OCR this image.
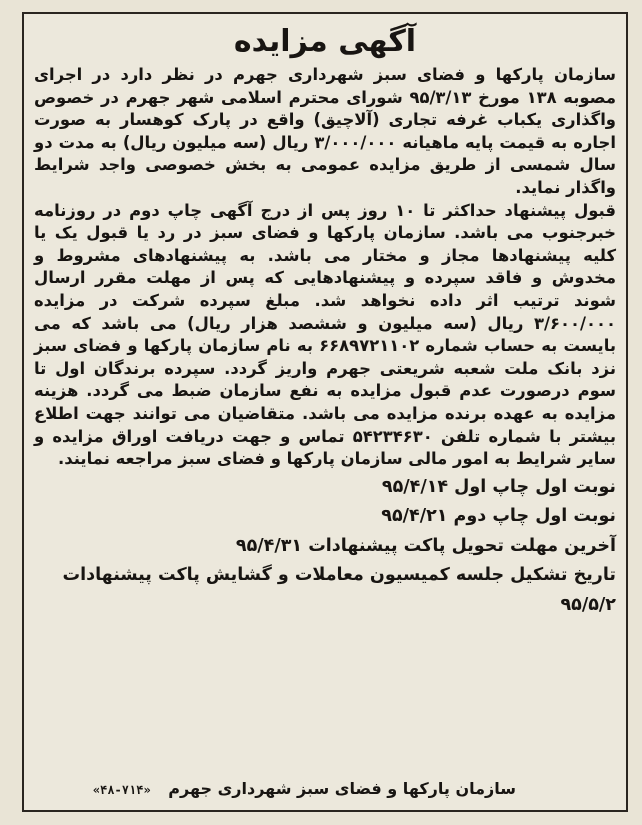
آگهی مزایده

سازمان پارکها و فضای سبز شهرداری جهرم در نظر دارد در اجرای مصوبه ۱۳۸ مورخ ۹۵/۳/۱۳ شورای محترم اسلامی شهر جهرم در خصوص واگذاری یکباب غرفه تجاری (آلاچیق) واقع در پارک کوهسار به صورت اجاره به قیمت پایه ماهیانه ۳/۰۰۰/۰۰۰ ریال (سه میلیون ریال) به مدت دو سال شمسی از طریق مزایده عمومی به بخش خصوصی واجد شرایط واگذار نماید.

قبول پیشنهاد حداکثر تا ۱۰ روز پس از درج آگهی چاپ دوم در روزنامه خبرجنوب می باشد. سازمان پارکها و فضای سبز در رد یا قبول یک یا کلیه پیشنهادها مجاز و مختار می باشد. به پیشنهادهای مشروط و مخدوش و فاقد سپرده و پیشنهادهایی که پس از مهلت مقرر ارسال شوند ترتیب اثر داده نخواهد شد. مبلغ سپرده شرکت در مزایده ۳/۶۰۰/۰۰۰ ریال (سه میلیون و ششصد هزار ریال) می باشد که می بایست به حساب شماره ۶۶۸۹۷۲۱۱۰۲ به نام سازمان پارکها و فضای سبز نزد بانک ملت شعبه شریعتی جهرم واریز گردد. سپرده برندگان اول تا سوم درصورت عدم قبول مزایده به نفع سازمان ضبط می گردد. هزینه مزایده به عهده برنده مزایده می باشد. متقاضیان می توانند جهت اطلاع بیشتر با شماره تلفن ۵۴۲۳۴۶۳۰ تماس و جهت دریافت اوراق مزایده و سایر شرایط به امور مالی سازمان پارکها و فضای سبز مراجعه نمایند.

نوبت اول چاپ اول ۹۵/۴/۱۴
نوبت اول چاپ دوم ۹۵/۴/۲۱
آخرین مهلت تحویل پاکت پیشنهادات ۹۵/۴/۳۱
تاریخ تشکیل جلسه کمیسیون معاملات و گشایش پاکت پیشنهادات
۹۵/۵/۲
سازمان پارکها و فضای سبز شهرداری جهرم «۷۱۴-۴۸»
